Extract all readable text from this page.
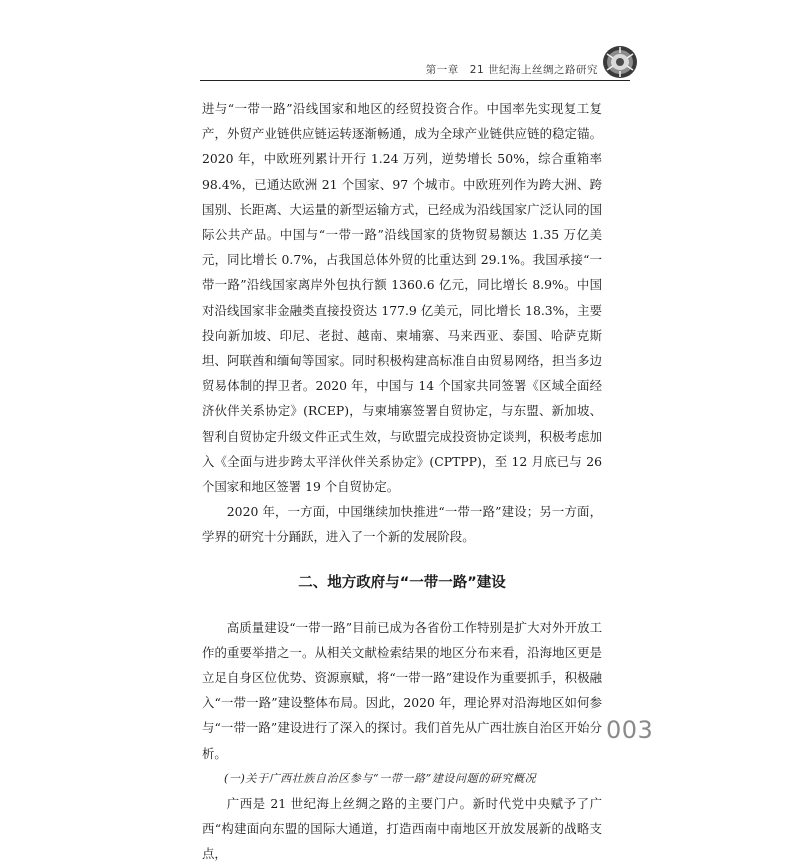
第一章　21 世纪海上丝绸之路研究

进与“一带一路”沿线国家和地区的经贸投资合作。中国率先实现复工复产，外贸产业链供应链运转逐渐畅通，成为全球产业链供应链的稳定锚。2020 年，中欧班列累计开行 1.24 万列，逆势增长 50%，综合重箱率 98.4%，已通达欧洲 21 个国家、97 个城市。中欧班列作为跨大洲、跨国别、长距离、大运量的新型运输方式，已经成为沿线国家广泛认同的国际公共产品。中国与“一带一路”沿线国家的货物贸易额达 1.35 万亿美元，同比增长 0.7%，占我国总体外贸的比重达到 29.1%。我国承接“一带一路”沿线国家离岸外包执行额 1360.6 亿元，同比增长 8.9%。中国对沿线国家非金融类直接投资达 177.9 亿美元，同比增长 18.3%，主要投向新加坡、印尼、老挝、越南、柬埔寨、马来西亚、泰国、哈萨克斯坦、阿联酋和缅甸等国家。同时积极构建高标准自由贸易网络，担当多边贸易体制的捍卫者。2020 年，中国与 14 个国家共同签署《区域全面经济伙伴关系协定》(RCEP)，与柬埔寨签署自贸协定，与东盟、新加坡、智利自贸协定升级文件正式生效，与欧盟完成投资协定谈判，积极考虑加入《全面与进步跨太平洋伙伴关系协定》(CPTPP)，至 12 月底已与 26 个国家和地区签署 19 个自贸协定。

2020 年，一方面，中国继续加快推进“一带一路”建设；另一方面，学界的研究十分踊跃，进入了一个新的发展阶段。

二、地方政府与“一带一路”建设

高质量建设“一带一路”目前已成为各省份工作特别是扩大对外开放工作的重要举措之一。从相关文献检索结果的地区分布来看，沿海地区更是立足自身区位优势、资源禀赋，将“一带一路”建设作为重要抓手，积极融入“一带一路”建设整体布局。因此，2020 年，理论界对沿海地区如何参与“一带一路”建设进行了深入的探讨。我们首先从广西壮族自治区开始分析。

(一)关于广西壮族自治区参与“一带一路”建设问题的研究概况

广西是 21 世纪海上丝绸之路的主要门户。新时代党中央赋予了广西“构建面向东盟的国际大通道，打造西南中南地区开放发展新的战略支点，

003
